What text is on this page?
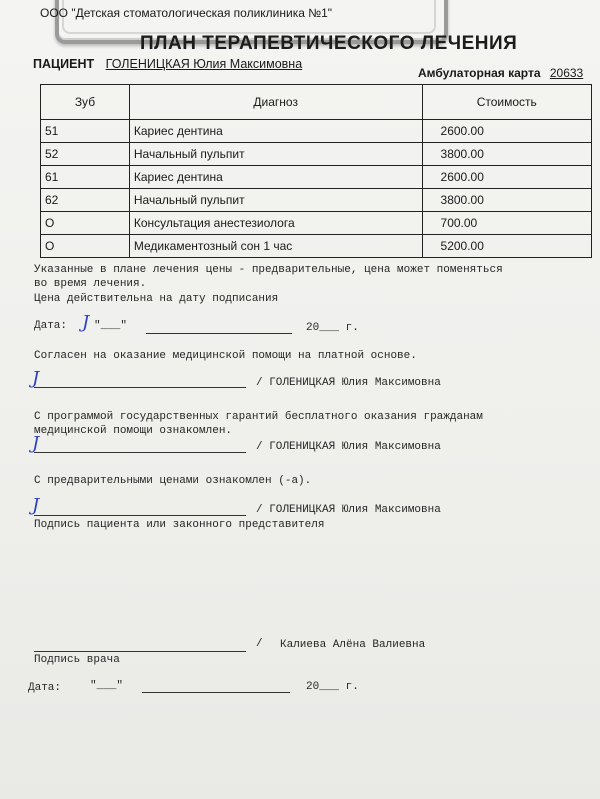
ООО "Детская стоматологическая поликлиника №1"
ПЛАН ТЕРАПЕВТИЧЕСКОГО ЛЕЧЕНИЯ
ПАЦИЕНТ ГОЛЕНИЦКАЯ Юлия Максимовна
Амбулаторная карта 20633
Зуб	Диагноз	Стоимость
51	Кариес дентина	2600.00
52	Начальный пульпит	3800.00
61	Кариес дентина	2600.00
62	Начальный пульпит	3800.00
О	Консультация анестезиолога	700.00
О	Медикаментозный сон 1 час	5200.00
Указанные в плане лечения цены - предварительные, цена может поменяться
во время лечения.
Цена действительна на дату подписания
Дата: J "___"	20___ г.
Согласен на оказание медицинской помощи на платной основе.
J	/ ГОЛЕНИЦКАЯ Юлия Максимовна
С программой государственных гарантий бесплатного оказания гражданам
медицинской помощи ознакомлен.
J	/ ГОЛЕНИЦКАЯ Юлия Максимовна
С предварительными ценами ознакомлен (-а).
J	/ ГОЛЕНИЦКАЯ Юлия Максимовна
Подпись пациента или законного представителя
/ Калиева Алёна Валиевна
Подпись врача
Дата:	"___"	20___ г.
